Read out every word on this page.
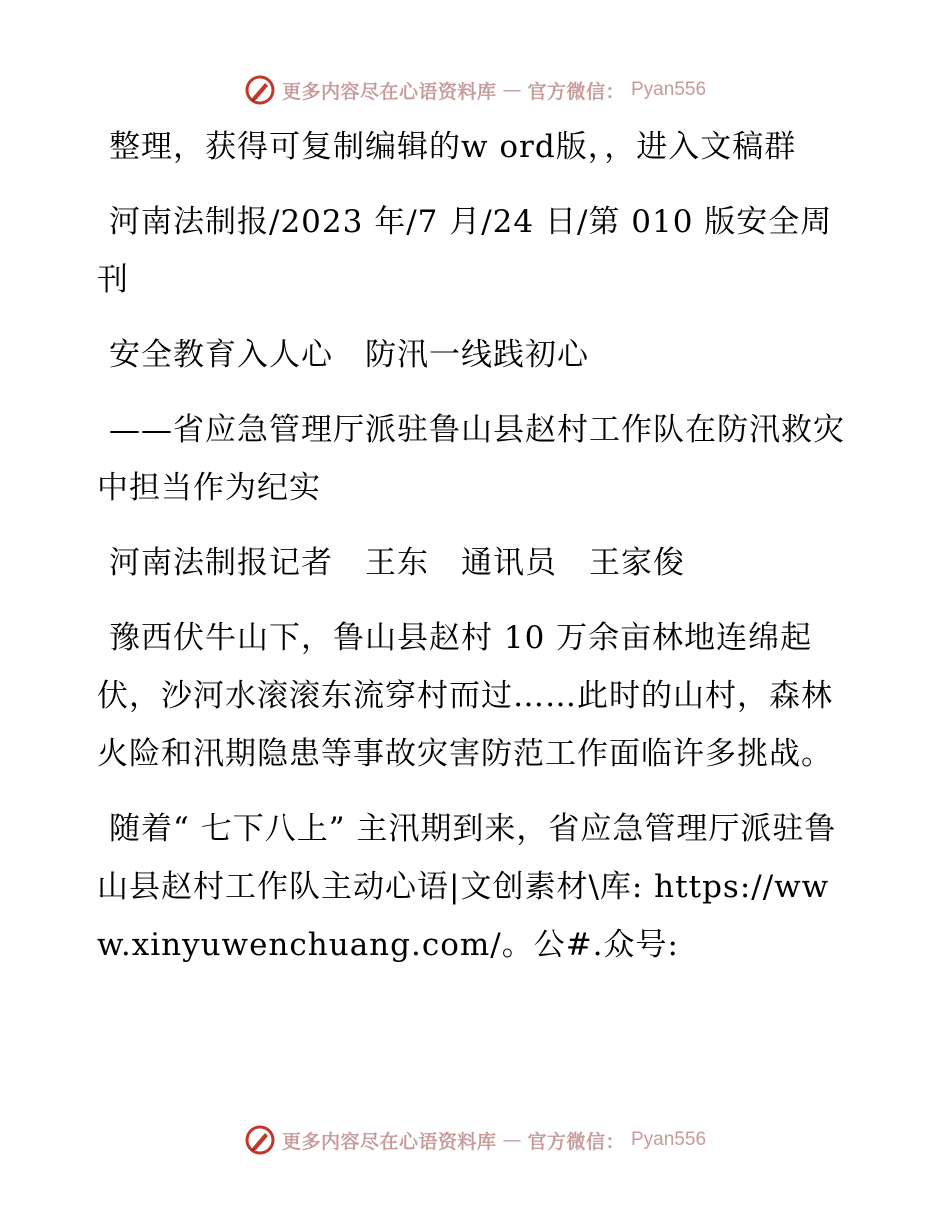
更多内容尽在心语资料库 — 官方微信： Pyan556

整理，获得可复制编辑的w ord版，，进入文稿群

河南法制报/2023 年/7 月/24 日/第 010 版安全周刊

安全教育入人心　防汛一线践初心

——省应急管理厅派驻鲁山县赵村工作队在防汛救灾中担当作为纪实

河南法制报记者　王东　通讯员　王家俊

豫西伏牛山下，鲁山县赵村 10 万余亩林地连绵起伏，沙河水滚滚东流穿村而过……此时的山村，森林火险和汛期隐患等事故灾害防范工作面临许多挑战。

随着“ 七下八上” 主汛期到来，省应急管理厅派驻鲁山县赵村工作队主动心语|文创素材\库: https://www.xinyuwenchuang.com/。公#.众号:

更多内容尽在心语资料库 — 官方微信： Pyan556
